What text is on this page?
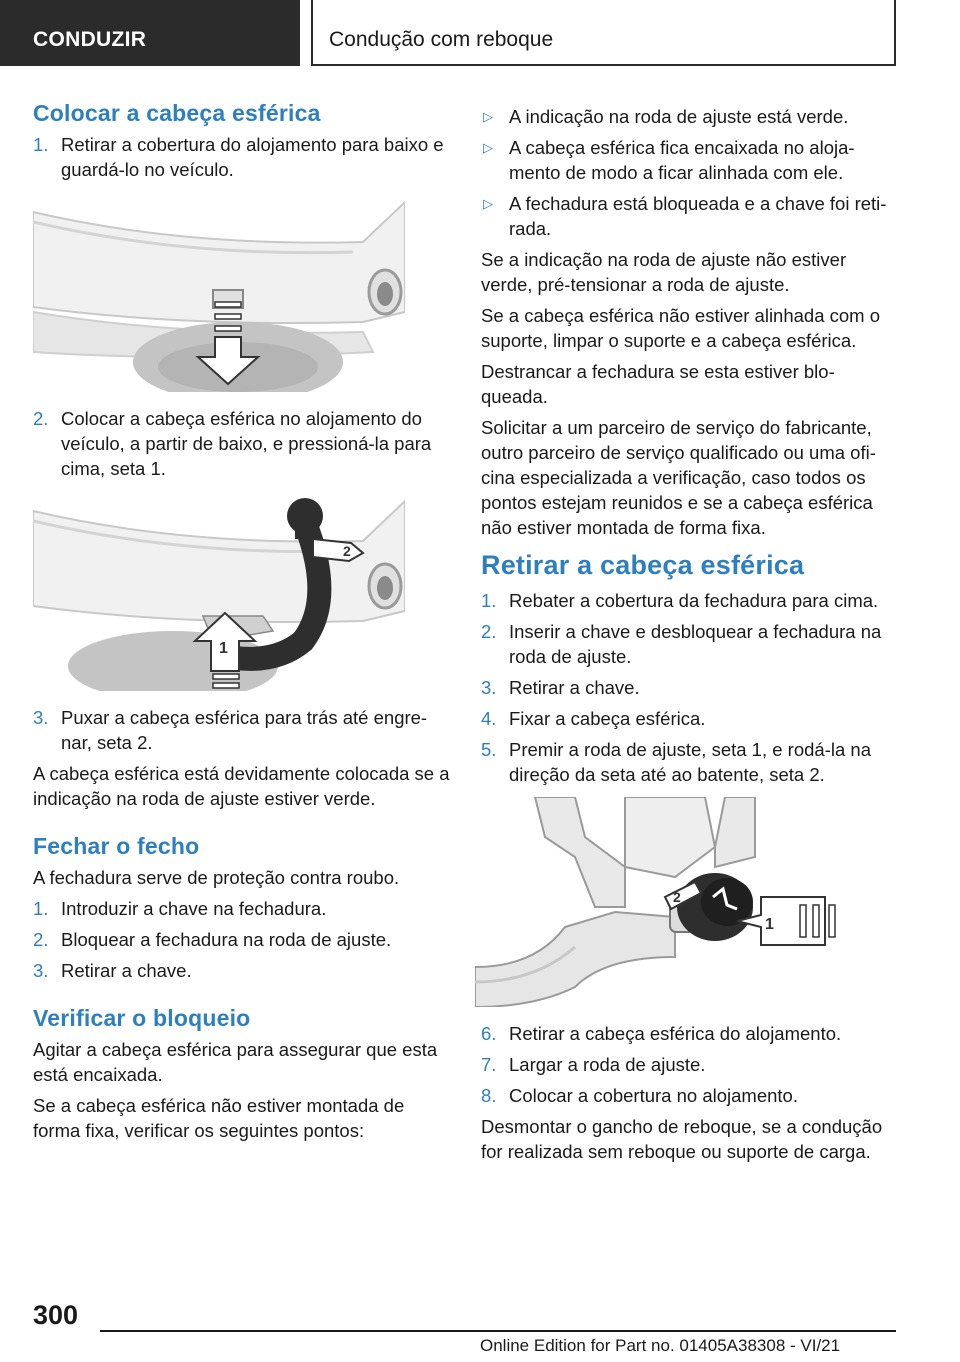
CONDUZIR	Condução com reboque
Colocar a cabeça esférica
1. Retirar a cobertura do alojamento para baixo e guardá-lo no veículo.
2. Colocar a cabeça esférica no alojamento do veículo, a partir de baixo, e pressioná-la para cima, seta 1.
2
1
3. Puxar a cabeça esférica para trás até engre-nar, seta 2.
A cabeça esférica está devidamente colocada se a indicação na roda de ajuste estiver verde.
Fechar o fecho
A fechadura serve de proteção contra roubo.
1. Introduzir a chave na fechadura.
2. Bloquear a fechadura na roda de ajuste.
3. Retirar a chave.
Verificar o bloqueio
Agitar a cabeça esférica para assegurar que esta está encaixada.
Se a cabeça esférica não estiver montada de forma fixa, verificar os seguintes pontos:
▷ A indicação na roda de ajuste está verde.
▷ A cabeça esférica fica encaixada no aloja-mento de modo a ficar alinhada com ele.
▷ A fechadura está bloqueada e a chave foi reti-rada.
Se a indicação na roda de ajuste não estiver verde, pré-tensionar a roda de ajuste.
Se a cabeça esférica não estiver alinhada com o suporte, limpar o suporte e a cabeça esférica.
Destrancar a fechadura se esta estiver blo-queada.
Solicitar a um parceiro de serviço do fabricante, outro parceiro de serviço qualificado ou uma ofi-cina especializada a verificação, caso todos os pontos estejam reunidos e se a cabeça esférica não estiver montada de forma fixa.
Retirar a cabeça esférica
1. Rebater a cobertura da fechadura para cima.
2. Inserir a chave e desbloquear a fechadura na roda de ajuste.
3. Retirar a chave.
4. Fixar a cabeça esférica.
5. Premir a roda de ajuste, seta 1, e rodá-la na direção da seta até ao batente, seta 2.
2
1
6. Retirar a cabeça esférica do alojamento.
7. Largar a roda de ajuste.
8. Colocar a cobertura no alojamento.
Desmontar o gancho de reboque, se a condução for realizada sem reboque ou suporte de carga.
300
Online Edition for Part no. 01405A38308 - VI/21
